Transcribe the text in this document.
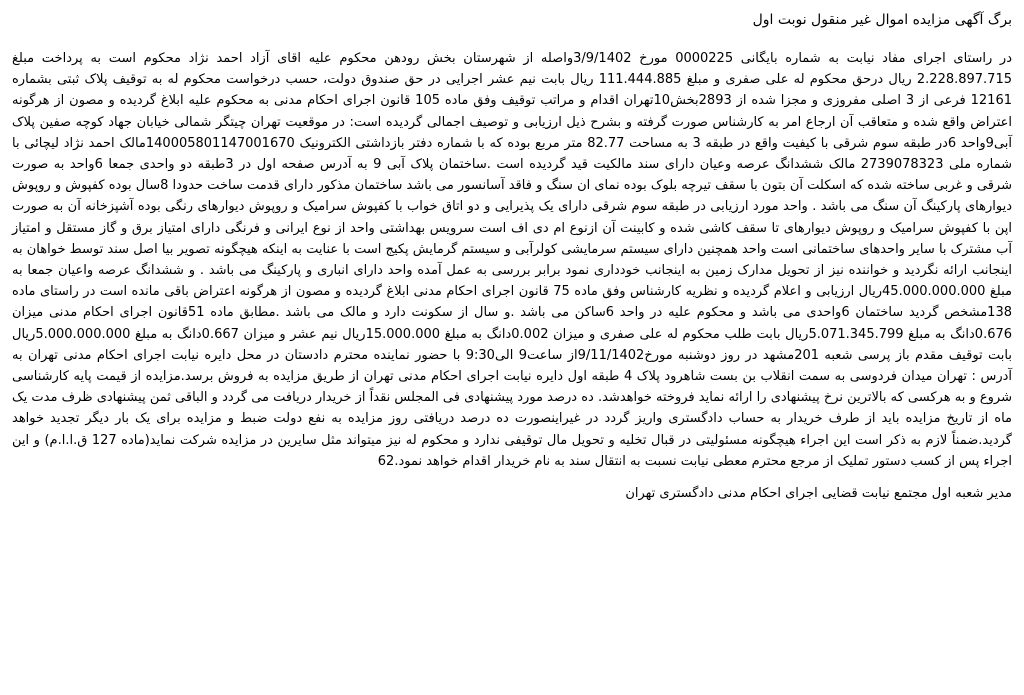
برگ آگهی مزایده اموال غیر منقول نوبت اول

در راستای اجرای مفاد نیابت به شماره بایگانی 0000225 مورخ 3/9/1402واصله از شهرستان بخش رودهن محکوم علیه اقای آزاد احمد نژاد محکوم است به پرداخت مبلغ 2.228.897.715 ریال درحق محکوم له علی صفری و مبلغ 111.444.885 ریال بابت نیم عشر اجرایی در حق صندوق دولت، حسب درخواست محکوم له به توقیف پلاک ثبتی بشماره 12161 فرعی از 3 اصلی مفروزی و مجزا شده از 2893بخش10تهران اقدام و مراتب توقیف وفق ماده 105 قانون اجرای احکام مدنی به محکوم علیه ابلاغ گردیده و مصون از هرگونه اعتراض واقع شده و متعاقب آن ارجاع امر به کارشناس صورت گرفته و بشرح ذیل ارزیابی و توصیف اجمالی گردیده است: در موقعیت تهران چیتگر شمالی خیابان جهاد کوچه صفین پلاک آبی9واحد 6در طبقه سوم شرقی با کیفیت واقع در طبقه 3 به مساحت 82.77 متر مربع بوده که با شماره دفتر بازداشتی الکترونیک 140005801147001670مالک احمد نژاد لیچائی با شماره ملی 2739078323 مالک ششدانگ عرصه وعیان دارای سند مالکیت قید گردیده است .ساختمان پلاک آبی 9 به آدرس صفحه اول در 3طبقه دو واحدی جمعا 6واحد به صورت شرقی و غربی ساخته شده که اسکلت آن بتون با سقف تیرچه بلوک بوده نمای ان سنگ و فاقد آسانسور می باشد ساختمان مذکور دارای قدمت ساخت حدودا 8سال بوده کفپوش و روپوش دیوارهای پارکینگ آن سنگ می باشد . واحد مورد ارزیابی در طبقه سوم شرقی دارای یک پذیرایی و دو اتاق خواب با کفپوش سرامیک و روپوش دیوارهای رنگی بوده آشپزخانه آن به صورت اپن با کفپوش سرامیک و روپوش دیوارهای تا سقف کاشی شده و کابینت آن ازنوع ام دی اف است سرویس بهداشتی واحد از نوع ایرانی و فرنگی دارای امتیاز برق و گاز مستقل و امتیاز آب مشترک با سایر واحدهای ساختمانی است واحد همچنین دارای سیستم سرمایشی کولرآبی و سیستم گرمایش پکیج است با عنایت به اینکه هیچگونه تصویر بیا اصل سند توسط خواهان به اینجانب ارائه نگردید و خواننده نیز از تحویل مدارک زمین به اینجانب خودداری نمود برابر بررسی به عمل آمده واحد دارای انباری و پارکینگ می باشد . و ششدانگ عرصه واعیان جمعا به مبلغ 45.000.000.000ریال ارزیابی و اعلام گردیده و نظریه کارشناس وفق ماده 75 قانون اجرای احکام مدنی ابلاغ گردیده و مصون از هرگونه اعتراض باقی مانده است در راستای ماده 138مشخص گردید ساختمان 6واحدی می باشد و محکوم علیه در واحد 6ساکن می باشد .و سال از سکونت دارد و مالک می باشد .مطابق ماده 51قانون اجرای احکام مدنی میزان 0.676دانگ به مبلغ 5.071.345.799ریال بابت طلب محکوم له علی صفری و میزان 0.002دانگ به مبلغ 15.000.000ریال نیم عشر و میزان 0.667دانگ به مبلغ 5.000.000.000ریال بابت توقیف مقدم باز پرسی شعبه 201مشهد در روز دوشنبه مورخ9/11/1402از ساعت9 الی9:30 با حضور نماینده محترم دادستان در محل دایره نیابت اجرای احکام مدنی تهران به آدرس : تهران میدان فردوسی به سمت انقلاب بن بست شاهرود پلاک 4 طبقه اول دایره نیابت اجرای احکام مدنی تهران از طریق مزایده به فروش برسد.مزایده از قیمت پایه کارشناسی شروع و به هرکسی که بالاترین نرخ پیشنهادی را ارائه نماید فروخته خواهدشد. ده درصد مورد پیشنهادی فی المجلس نقداً از خریدار دریافت می گردد و الباقی ثمن پیشنهادی ظرف مدت یک ماه از تاریخ مزایده باید از طرف خریدار به حساب دادگستری واریز گردد در غیراینصورت ده درصد دریافتی روز مزایده به نفع دولت ضبط و مزایده برای یک بار دیگر تجدید خواهد گردید.ضمناً لازم به ذکر است این اجراء هیچگونه مسئولیتی در قبال تخلیه و تحویل مال توقیفی ندارد و محکوم له نیز میتواند مثل سایرین در مزایده شرکت نماید(ماده 127 ق.ا.ا.م) و این اجراء پس از کسب دستور تملیک از مرجع محترم معطی نیابت نسبت به انتقال سند به نام خریدار اقدام خواهد نمود.62

مدیر شعبه اول مجتمع نیابت قضایی اجرای احکام مدنی دادگستری تهران
